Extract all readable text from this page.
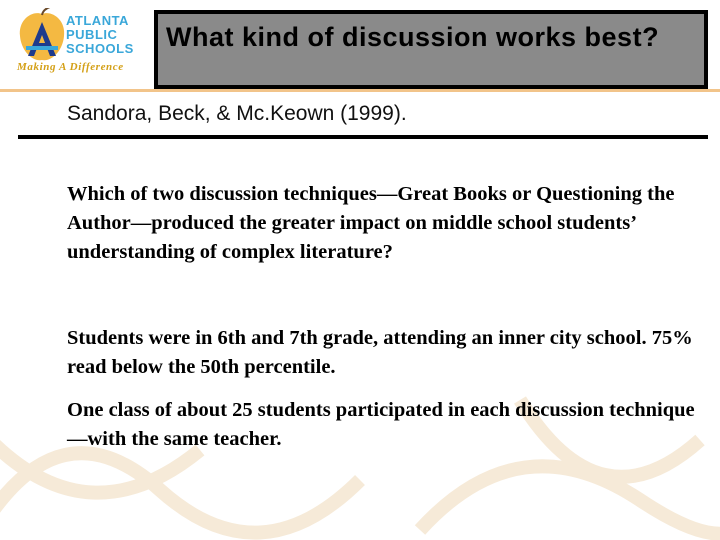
ATLANTA
PUBLIC
SCHOOLS
Making A Difference
What kind of discussion works best?
Sandora, Beck, & Mc.Keown (1999).

Which of two discussion techniques—Great Books or Questioning the Author—produced the greater impact on middle school students’ understanding of complex literature?

Students were in 6th and 7th grade, attending an inner city school. 75% read below the 50th percentile.

One class of about 25 students participated in each discussion technique—with the same teacher.
